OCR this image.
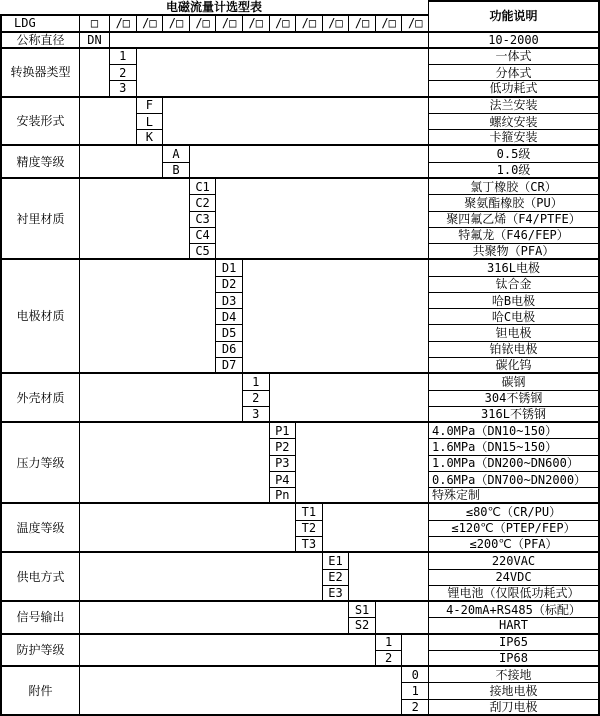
电磁流量计选型表
功能说明
LDG	□	/□	/□	/□	/□	/□	/□	/□	/□	/□	/□	/□	/□
公称直径	DN	10-2000
转换器类型
1	一体式
2	分体式
3	低功耗式
安装形式
F	法兰安装
L	螺纹安装
K	卡箍安装
精度等级
A	0.5级
B	1.0级
衬里材质
C1	氯丁橡胶（CR）
C2	聚氨酯橡胶（PU）
C3	聚四氟乙烯（F4/PTFE）
C4	特氟龙（F46/FEP）
C5	共聚物（PFA）
电极材质
D1	316L电极
D2	钛合金
D3	哈B电极
D4	哈C电极
D5	钽电极
D6	铂铱电极
D7	碳化钨
外壳材质
1	碳钢
2	304不锈钢
3	316L不锈钢
压力等级
P1	4.0MPa（DN10~150）
P2	1.6MPa（DN15~150）
P3	1.0MPa（DN200~DN600）
P4	0.6MPa（DN700~DN2000）
Pn	特殊定制
温度等级
T1	≤80℃（CR/PU）
T2	≤120℃（PTEP/FEP）
T3	≤200℃（PFA）
供电方式
E1	220VAC
E2	24VDC
E3	锂电池（仅限低功耗式）
信号输出
S1	4-20mA+RS485（标配）
S2	HART
防护等级
1	IP65
2	IP68
附件
0	不接地
1	接地电极
2	刮刀电极
